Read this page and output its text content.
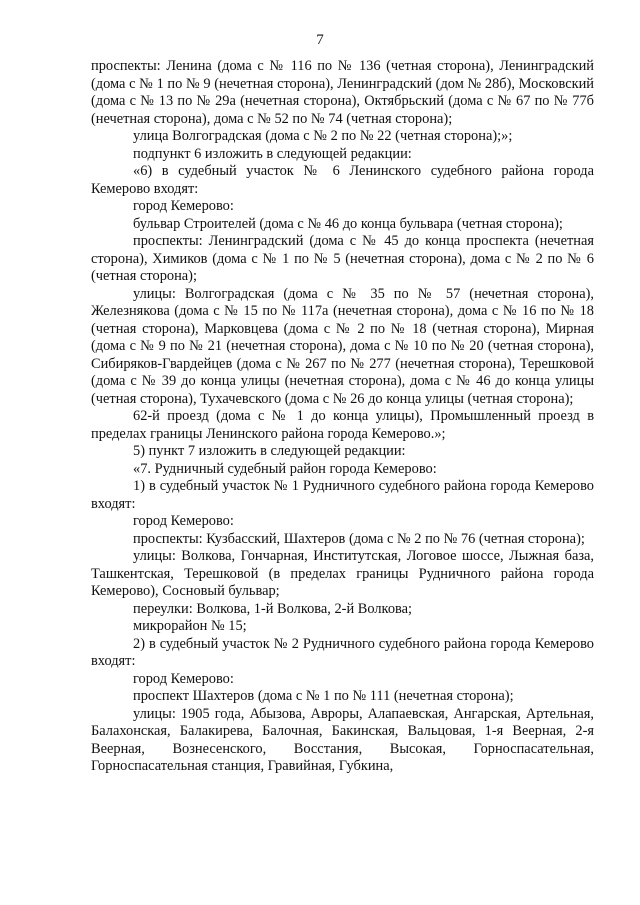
7

проспекты: Ленина (дома с № 116 по № 136 (четная сторона), Ленинградский (дома с № 1 по № 9 (нечетная сторона), Ленинградский (дом № 28б), Московский (дома с № 13 по № 29а (нечетная сторона), Октябрьский (дома с № 67 по № 77б (нечетная сторона), дома с № 52 по № 74 (четная сторона);

улица Волгоградская (дома с № 2 по № 22 (четная сторона);»;

подпункт 6 изложить в следующей редакции:

«6) в судебный участок № 6 Ленинского судебного района города Кемерово входят:

город Кемерово:

бульвар Строителей (дома с № 46 до конца бульвара (четная сторона);

проспекты: Ленинградский (дома с № 45 до конца проспекта (нечетная сторона), Химиков (дома с № 1 по № 5 (нечетная сторона), дома с № 2 по № 6 (четная сторона);

улицы: Волгоградская (дома с № 35 по № 57 (нечетная сторона), Железнякова (дома с № 15 по № 117а (нечетная сторона), дома с № 16 по № 18 (четная сторона), Марковцева (дома с № 2 по № 18 (четная сторона), Мирная (дома с № 9 по № 21 (нечетная сторона), дома с № 10 по № 20 (четная сторона), Сибиряков-Гвардейцев (дома с № 267 по № 277 (нечетная сторона), Терешковой (дома с № 39 до конца улицы (нечетная сторона), дома с № 46 до конца улицы (четная сторона), Тухачевского (дома с № 26 до конца улицы (четная сторона);

62-й проезд (дома с № 1 до конца улицы), Промышленный проезд в пределах границы Ленинского района города Кемерово.»;

5) пункт 7 изложить в следующей редакции:

«7. Рудничный судебный район города Кемерово:

1) в судебный участок № 1 Рудничного судебного района города Кемерово входят:

город Кемерово:

проспекты: Кузбасский, Шахтеров (дома с № 2 по № 76 (четная сторона);

улицы: Волкова, Гончарная, Институтская, Логовое шоссе, Лыжная база, Ташкентская, Терешковой (в пределах границы Рудничного района города Кемерово), Сосновый бульвар;

переулки: Волкова, 1-й Волкова, 2-й Волкова;

микрорайон № 15;

2) в судебный участок № 2 Рудничного судебного района города Кемерово входят:

город Кемерово:

проспект Шахтеров (дома с № 1 по № 111 (нечетная сторона);

улицы: 1905 года, Абызова, Авроры, Алапаевская, Ангарская, Артельная, Балахонская, Балакирева, Балочная, Бакинская, Вальцовая, 1-я Веерная, 2-я Веерная, Вознесенского, Восстания, Высокая, Горноспасательная, Горноспасательная станция, Гравийная, Губкина,
